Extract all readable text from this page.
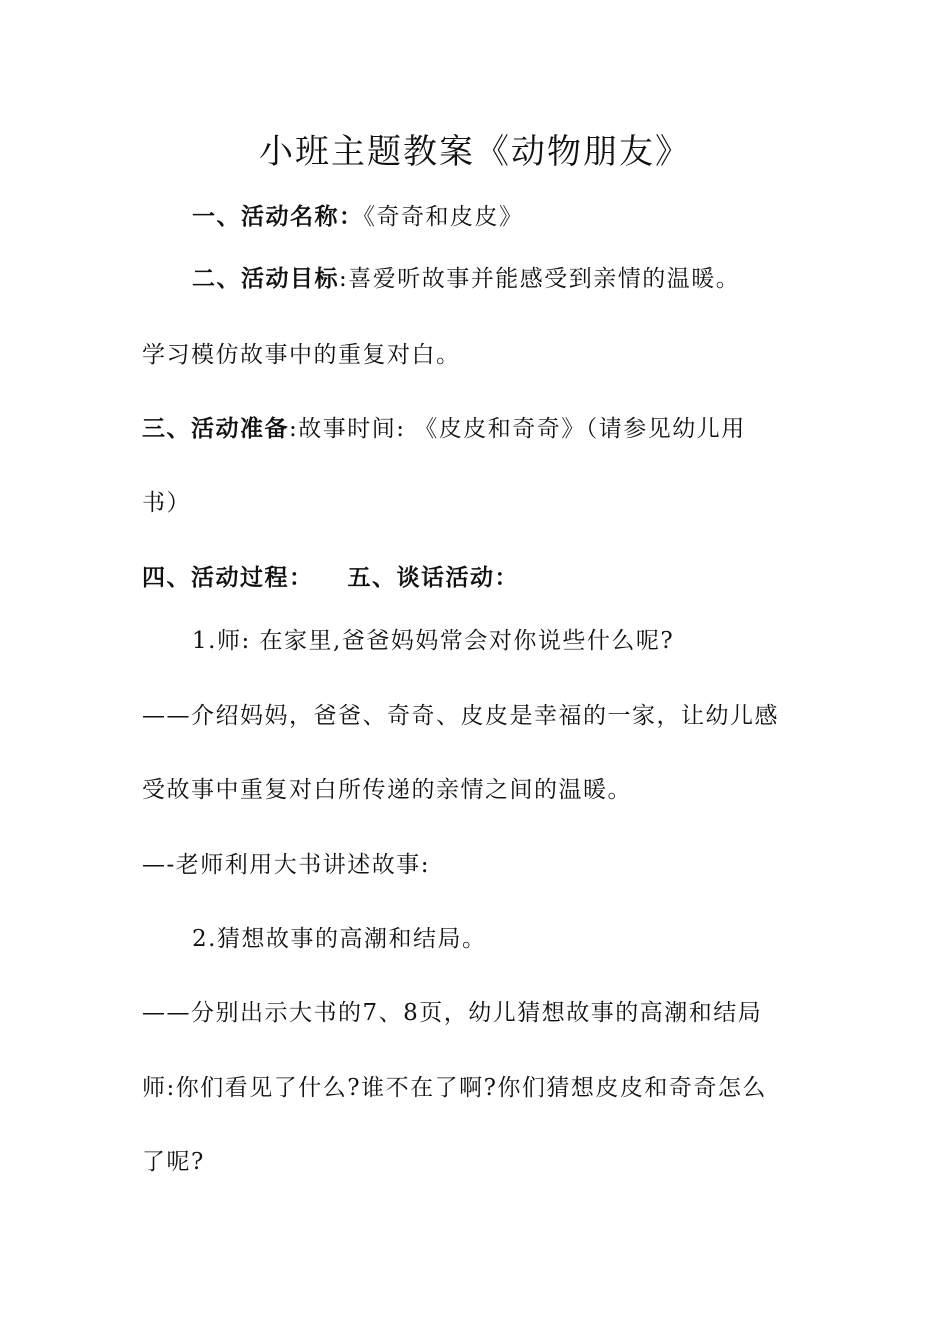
小班主题教案《动物朋友》
一、活动名称：《奇奇和皮皮》
二、活动目标:喜爱听故事并能感受到亲情的温暖。
学习模仿故事中的重复对白。
三、活动准备:故事时间: 《皮皮和奇奇》（请参见幼儿用
书）
四、活动过程： 五、谈话活动：
1.师: 在家里,爸爸妈妈常会对你说些什么呢?
——介绍妈妈，爸爸、奇奇、皮皮是幸福的一家，让幼儿感
受故事中重复对白所传递的亲情之间的温暖。
—-老师利用大书讲述故事:
2.猜想故事的高潮和结局。
——分别出示大书的7、8页，幼儿猜想故事的高潮和结局
师:你们看见了什么?谁不在了啊?你们猜想皮皮和奇奇怎么
了呢?
